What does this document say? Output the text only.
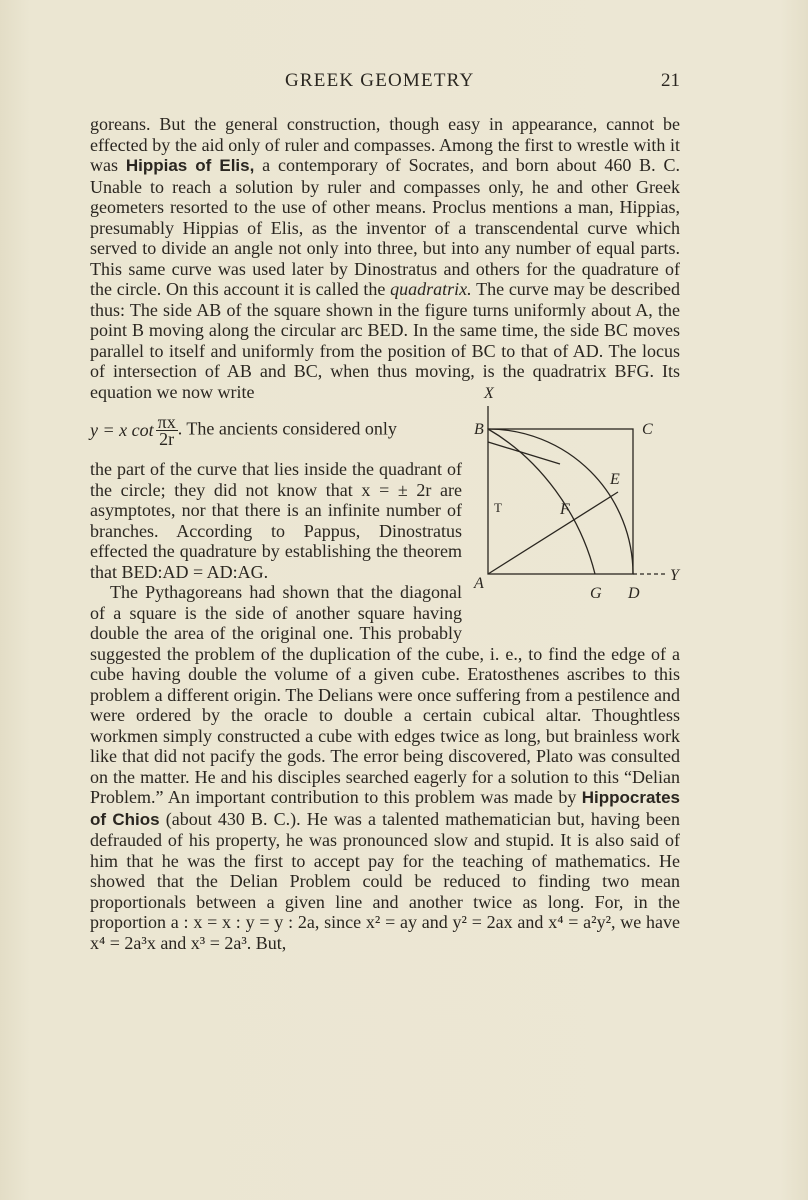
GREEK GEOMETRY	21

goreans. But the general construction, though easy in appearance, cannot be effected by the aid only of ruler and compasses. Among the first to wrestle with it was Hippias of Elis, a contemporary of Socrates, and born about 460 B. C. Unable to reach a solution by ruler and compasses only, he and other Greek geometers resorted to the use of other means. Proclus mentions a man, Hippias, presumably Hippias of Elis, as the inventor of a transcendental curve which served to divide an angle not only into three, but into any number of equal parts. This same curve was used later by Dinostratus and others for the quadrature of the circle. On this account it is called the quadratrix. The curve may be described thus: The side AB of the square shown in the figure turns uniformly about A, the point B moving along the circular arc BED. In the same time, the side BC moves parallel to itself and uniformly from the position of BC to that of AD. The locus of intersection of AB and BC, when thus moving, is the quadratrix BFG. Its equation we now write	X
B	C
E
T	F
A
G D
Y
y = x $\cot \frac{\pi x}{2r}$ . The ancients considered only
the part of the curve that lies inside the quadrant of the circle; they did not know that x = ± 2r are asymptotes, nor that there is an infinite number of branches. According to Pappus, Dinostratus effected the quadrature by establishing the theorem that BED:AD = AD:AG.

The Pythagoreans had shown that the diagonal of a square is the side of another square having double the area of the original one. This probably suggested the problem of the duplication of the cube, i. e., to find the edge of a cube having double the volume of a given cube. Eratosthenes ascribes to this problem a different origin. The Delians were once suffering from a pestilence and were ordered by the oracle to double a certain cubical altar. Thoughtless workmen simply constructed a cube with edges twice as long, but brainless work like that did not pacify the gods. The error being discovered, Plato was consulted on the matter. He and his disciples searched eagerly for a solution to this “Delian Problem.” An important contribution to this problem was made by Hippocrates of Chios (about 430 B. C.). He was a talented mathematician but, having been defrauded of his property, he was pronounced slow and stupid. It is also said of him that he was the first to accept pay for the teaching of mathematics. He showed that the Delian Problem could be reduced to finding two mean proportionals between a given line and another twice as long. For, in the proportion a : x = x : y = y : 2a, since x² = ay and y² = 2ax and x⁴ = a²y², we have x⁴ = 2a³x and x³ = 2a³. But,
